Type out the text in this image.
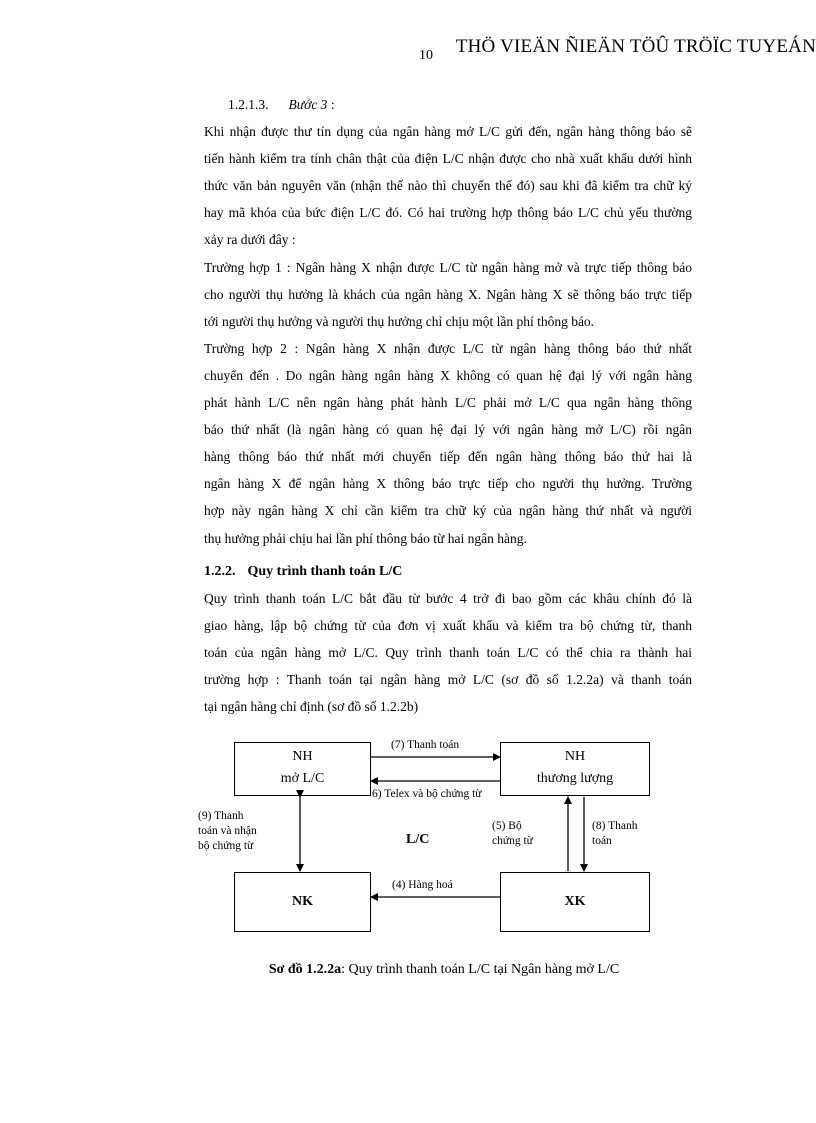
10	THÖ VIEÄN ÑIEÄN TÖÛ TRÖÏC TUYEÁN
1.2.1.3. Bước 3 :
Khi nhận được thư tín dụng của ngân hàng mở L/C gửi đến, ngân hàng thông báo sẽ
tiến hành kiểm tra tính chân thật của điện L/C nhận được cho nhà xuất khẩu dưới hình
thức văn bản nguyên văn (nhận thế nào thì chuyển thế đó) sau khi đã kiểm tra chữ ký
hay mã khóa của bức điện L/C đó. Có hai trường hợp thông báo L/C chủ yếu thường
xảy ra dưới đây :
Trường hợp 1 : Ngân hàng X nhận được L/C từ ngân hàng mở và trực tiếp thông báo
cho người thụ hưởng là khách của ngân hàng X. Ngân hàng X sẽ thông báo trực tiếp
tới người thụ hưởng và người thụ hưởng chỉ chịu một lần phí thông báo.
Trường hợp 2 : Ngân hàng X nhận được L/C từ ngân hàng thông báo thứ nhất
chuyển đến . Do ngân hàng ngân hàng X không có quan hệ đại lý với ngân hàng
phát hành L/C nên ngân hàng phát hành L/C phải mở L/C qua ngân hàng thông
báo thứ nhất (là ngân hàng có quan hệ đại lý với ngân hàng mở L/C) rồi ngân
hàng thông báo thứ nhất mới chuyển tiếp đến ngân hàng thông báo thứ hai là
ngân hàng X để ngân hàng X thông báo trực tiếp cho người thụ hưởng. Trường
hợp này ngân hàng X chỉ cần kiểm tra chữ ký của ngân hàng thứ nhất và người
thụ hưởng phải chịu hai lần phí thông báo từ hai ngân hàng.
1.2.2. Quy trình thanh toán L/C
Quy trình thanh toán L/C bắt đầu từ bước 4 trở đi bao gồm các khâu chính đó là
giao hàng, lập bộ chứng từ của đơn vị xuất khẩu và kiểm tra bộ chứng từ, thanh
toán của ngân hàng mở L/C. Quy trình thanh toán L/C có thể chia ra thành hai
trường hợp : Thanh toán tại ngân hàng mở L/C (sơ đồ số 1.2.2a) và thanh toán
tại ngân hàng chỉ định (sơ đồ số 1.2.2b)
NH
mở L/C
NH
thương lượng
NK	XK
(7) Thanh toán
6) Telex và bộ chứng từ
(9) Thanh
toán và nhận
bộ chứng từ	L/C
(5) Bộ
chứng từ
(8) Thanh
toán
(4) Hàng hoá
Sơ đồ 1.2.2a: Quy trình thanh toán L/C tại Ngân hàng mở L/C
